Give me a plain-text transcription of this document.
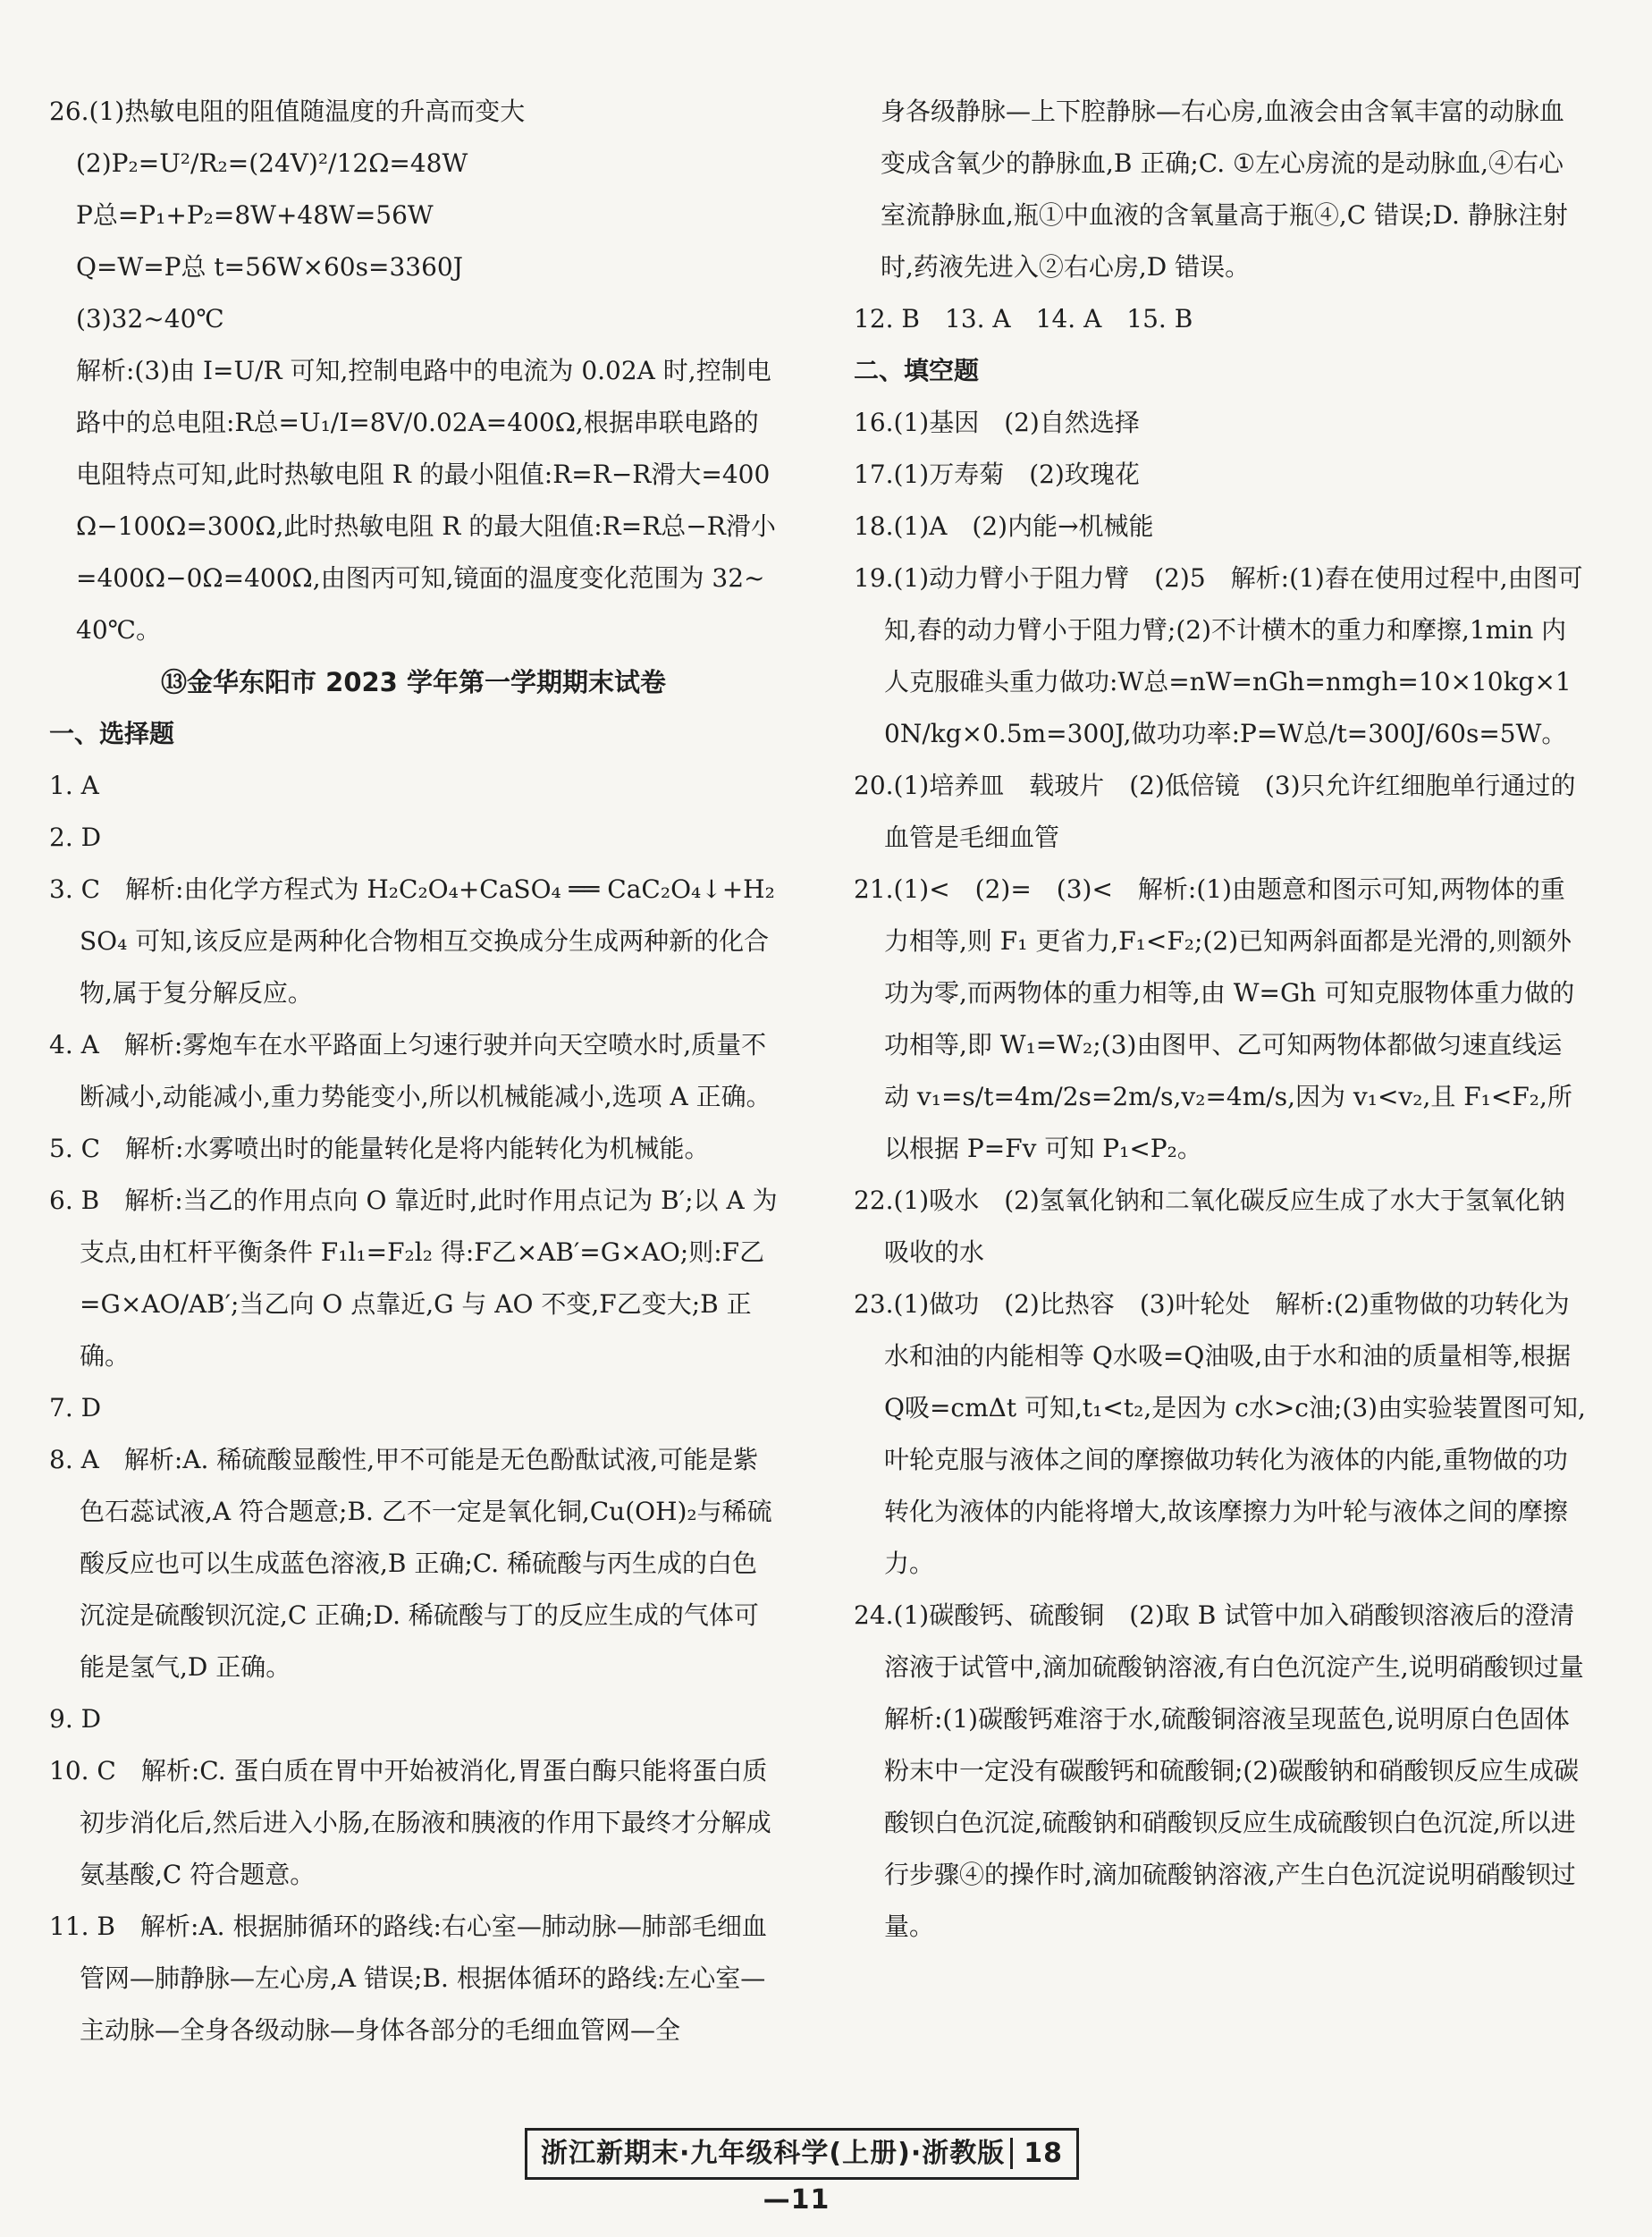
26.(1)热敏电阻的阻值随温度的升高而变大

(2)P₂=U²/R₂=(24V)²/12Ω=48W

P总=P₁+P₂=8W+48W=56W

Q=W=P总 t=56W×60s=3360J

(3)32~40℃

解析:(3)由 I=U/R 可知,控制电路中的电流为 0.02A 时,控制电路中的总电阻:R总=U₁/I=8V/0.02A=400Ω,根据串联电路的电阻特点可知,此时热敏电阻 R 的最小阻值:R=R−R滑大=400Ω−100Ω=300Ω,此时热敏电阻 R 的最大阻值:R=R总−R滑小=400Ω−0Ω=400Ω,由图丙可知,镜面的温度变化范围为 32~40℃。

⑬金华东阳市 2023 学年第一学期期末试卷

一、选择题

1. A

2. D

3. C　解析:由化学方程式为 H₂C₂O₄+CaSO₄ ══ CaC₂O₄↓+H₂SO₄ 可知,该反应是两种化合物相互交换成分生成两种新的化合物,属于复分解反应。

4. A　解析:雾炮车在水平路面上匀速行驶并向天空喷水时,质量不断减小,动能减小,重力势能变小,所以机械能减小,选项 A 正确。

5. C　解析:水雾喷出时的能量转化是将内能转化为机械能。

6. B　解析:当乙的作用点向 O 靠近时,此时作用点记为 B′;以 A 为支点,由杠杆平衡条件 F₁l₁=F₂l₂ 得:F乙×AB′=G×AO;则:F乙=G×AO/AB′;当乙向 O 点靠近,G 与 AO 不变,F乙变大;B 正确。

7. D

8. A　解析:A. 稀硫酸显酸性,甲不可能是无色酚酞试液,可能是紫色石蕊试液,A 符合题意;B. 乙不一定是氧化铜,Cu(OH)₂与稀硫酸反应也可以生成蓝色溶液,B 正确;C. 稀硫酸与丙生成的白色沉淀是硫酸钡沉淀,C 正确;D. 稀硫酸与丁的反应生成的气体可能是氢气,D 正确。

9. D

10. C　解析:C. 蛋白质在胃中开始被消化,胃蛋白酶只能将蛋白质初步消化后,然后进入小肠,在肠液和胰液的作用下最终才分解成氨基酸,C 符合题意。

11. B　解析:A. 根据肺循环的路线:右心室—肺动脉—肺部毛细血管网—肺静脉—左心房,A 错误;B. 根据体循环的路线:左心室—主动脉—全身各级动脉—身体各部分的毛细血管网—全

身各级静脉—上下腔静脉—右心房,血液会由含氧丰富的动脉血变成含氧少的静脉血,B 正确;C. ①左心房流的是动脉血,④右心室流静脉血,瓶①中血液的含氧量高于瓶④,C 错误;D. 静脉注射时,药液先进入②右心房,D 错误。

12. B　13. A　14. A　15. B

二、填空题

16.(1)基因　(2)自然选择

17.(1)万寿菊　(2)玫瑰花

18.(1)A　(2)内能→机械能

19.(1)动力臂小于阻力臂　(2)5　解析:(1)舂在使用过程中,由图可知,舂的动力臂小于阻力臂;(2)不计横木的重力和摩擦,1min 内人克服碓头重力做功:W总=nW=nGh=nmgh=10×10kg×10N/kg×0.5m=300J,做功功率:P=W总/t=300J/60s=5W。

20.(1)培养皿　载玻片　(2)低倍镜　(3)只允许红细胞单行通过的血管是毛细血管

21.(1)<　(2)=　(3)<　解析:(1)由题意和图示可知,两物体的重力相等,则 F₁ 更省力,F₁<F₂;(2)已知两斜面都是光滑的,则额外功为零,而两物体的重力相等,由 W=Gh 可知克服物体重力做的功相等,即 W₁=W₂;(3)由图甲、乙可知两物体都做匀速直线运动 v₁=s/t=4m/2s=2m/s,v₂=4m/s,因为 v₁<v₂,且 F₁<F₂,所以根据 P=Fv 可知 P₁<P₂。

22.(1)吸水　(2)氢氧化钠和二氧化碳反应生成了水大于氢氧化钠吸收的水

23.(1)做功　(2)比热容　(3)叶轮处　解析:(2)重物做的功转化为水和油的内能相等 Q水吸=Q油吸,由于水和油的质量相等,根据 Q吸=cmΔt 可知,t₁<t₂,是因为 c水>c油;(3)由实验装置图可知,叶轮克服与液体之间的摩擦做功转化为液体的内能,重物做的功转化为液体的内能将增大,故该摩擦力为叶轮与液体之间的摩擦力。

24.(1)碳酸钙、硫酸铜　(2)取 B 试管中加入硝酸钡溶液后的澄清溶液于试管中,滴加硫酸钠溶液,有白色沉淀产生,说明硝酸钡过量　解析:(1)碳酸钙难溶于水,硫酸铜溶液呈现蓝色,说明原白色固体粉末中一定没有碳酸钙和硫酸铜;(2)碳酸钠和硝酸钡反应生成碳酸钡白色沉淀,硫酸钠和硝酸钡反应生成硫酸钡白色沉淀,所以进行步骤④的操作时,滴加硫酸钠溶液,产生白色沉淀说明硝酸钡过量。

浙江新期末·九年级科学(上册)·浙教版 18—11
